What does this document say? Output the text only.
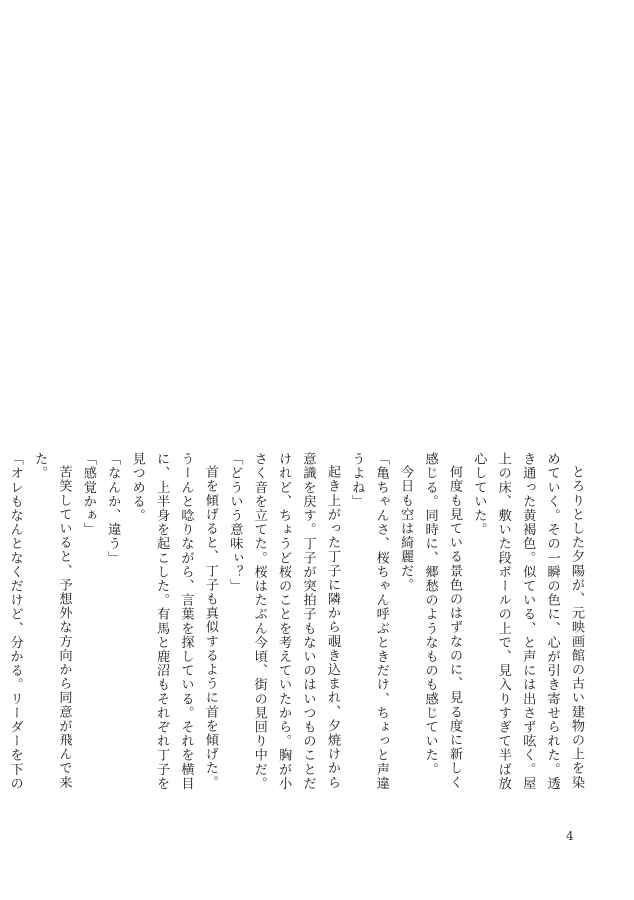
とろりとした夕陽が、元映画館の古い建物の上を染めていく。その一瞬の色に、心が引き寄せられた。透き通った黄褐色。似ている、と声には出さず呟く。屋上の床、敷いた段ボールの上で、見入りすぎて半ば放心していた。

何度も見ている景色のはずなのに、見る度に新しく感じる。同時に、郷愁のようなものも感じていた。

今日も空は綺麗だ。

「亀ちゃんさ、桜ちゃん呼ぶときだけ、ちょっと声違うよね」

起き上がった丁子に隣から覗き込まれ、夕焼けから意識を戻す。丁子が突拍子もないのはいつものことだけれど、ちょうど桜のことを考えていたから。胸が小さく音を立てた。桜はたぶん今頃、街の見回り中だ。

「どういう意味ぃ？」

首を傾げると、丁子も真似するように首を傾げた。うーんと唸りながら、言葉を探している。それを横目に、上半身を起こした。有馬と鹿沼もそれぞれ丁子を見つめる。

「なんか、違う」

「感覚かぁ」

苦笑していると、予想外な方向から同意が飛んで来た。

「オレもなんとなくだけど、分かる。リーダーを下の

4
